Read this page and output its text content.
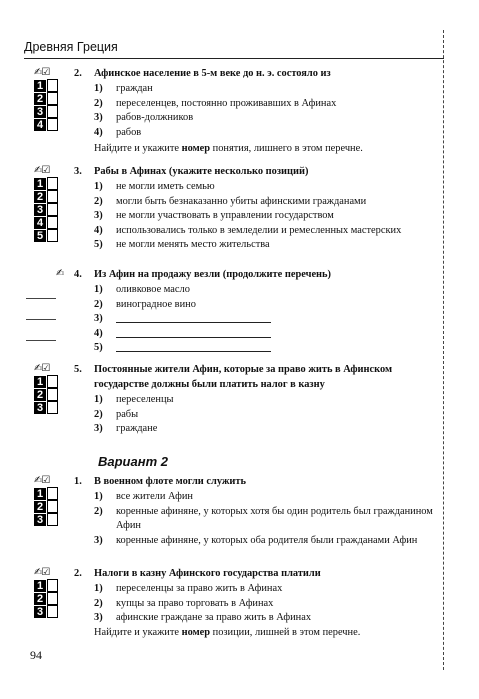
Древняя Греция
✍☑
1
2
3
4
2. Афинское население в 5-м веке до н. э. состояло из
1)	граждан
2)	переселенцев, постоянно проживавших в Афинах
3)	рабов-должников
4)	рабов
Найдите и укажите номер понятия, лишнего в этом перечне.
✍☑
1
2
3
4
5
3. Рабы в Афинах (укажите несколько позиций)
1)	не могли иметь семью
2)	могли быть безнаказанно убиты афинскими гражданами
3)	не могли участвовать в управлении государством
4)	использовались только в земледелии и ремесленных мастерских
5)	не могли менять место жительства
✍	4. Из Афин на продажу везли (продолжите перечень)
1)	оливковое масло
2)	виноградное вино
3)
4)
5)
✍☑
1
2
3
5. Постоянные жители Афин, которые за право жить в Афинском государстве должны были платить налог в казну
1)	переселенцы
2)	рабы
3)	граждане
Вариант 2
✍☑
1
2
3
1. В военном флоте могли служить
1)	все жители Афин
2)	коренные афиняне, у которых хотя бы один родитель был гражданином Афин
3)	коренные афиняне, у которых оба родителя были гражданами Афин
✍☑
1
2
3
2. Налоги в казну Афинского государства платили
1)	переселенцы за право жить в Афинах
2)	купцы за право торговать в Афинах
3)	афинские граждане за право жить в Афинах
Найдите и укажите номер позиции, лишней в этом перечне.
94
